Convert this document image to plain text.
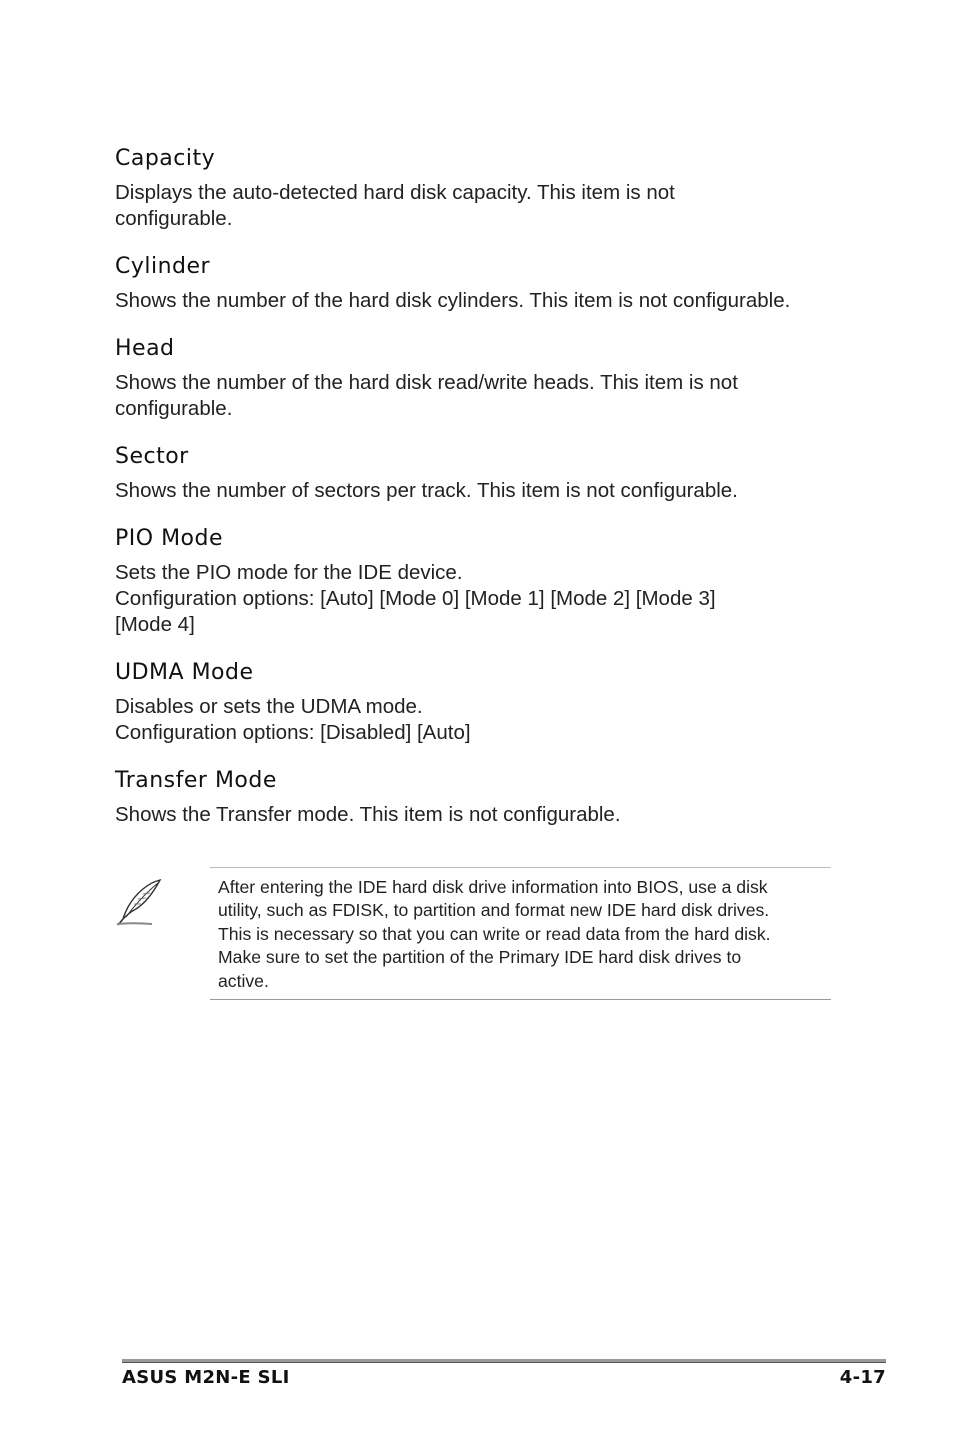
Capacity
Displays the auto-detected hard disk capacity. This item is not
configurable.
Cylinder
Shows the number of the hard disk cylinders. This item is not configurable.
Head
Shows the number of the hard disk read/write heads. This item is not
configurable.
Sector
Shows the number of sectors per track. This item is not configurable.
PIO Mode
Sets the PIO mode for the IDE device.
Configuration options: [Auto] [Mode 0] [Mode 1] [Mode 2] [Mode 3]
[Mode 4]
UDMA Mode
Disables or sets the UDMA mode.
Configuration options: [Disabled] [Auto]
Transfer Mode
Shows the Transfer mode. This item is not configurable.
After entering the IDE hard disk drive information into BIOS, use a disk
utility, such as FDISK, to partition and format new IDE hard disk drives.
This is necessary so that you can write or read data from the hard disk.
Make sure to set the partition of the Primary IDE hard disk drives to
active.
ASUS M2N-E SLI	4-17
